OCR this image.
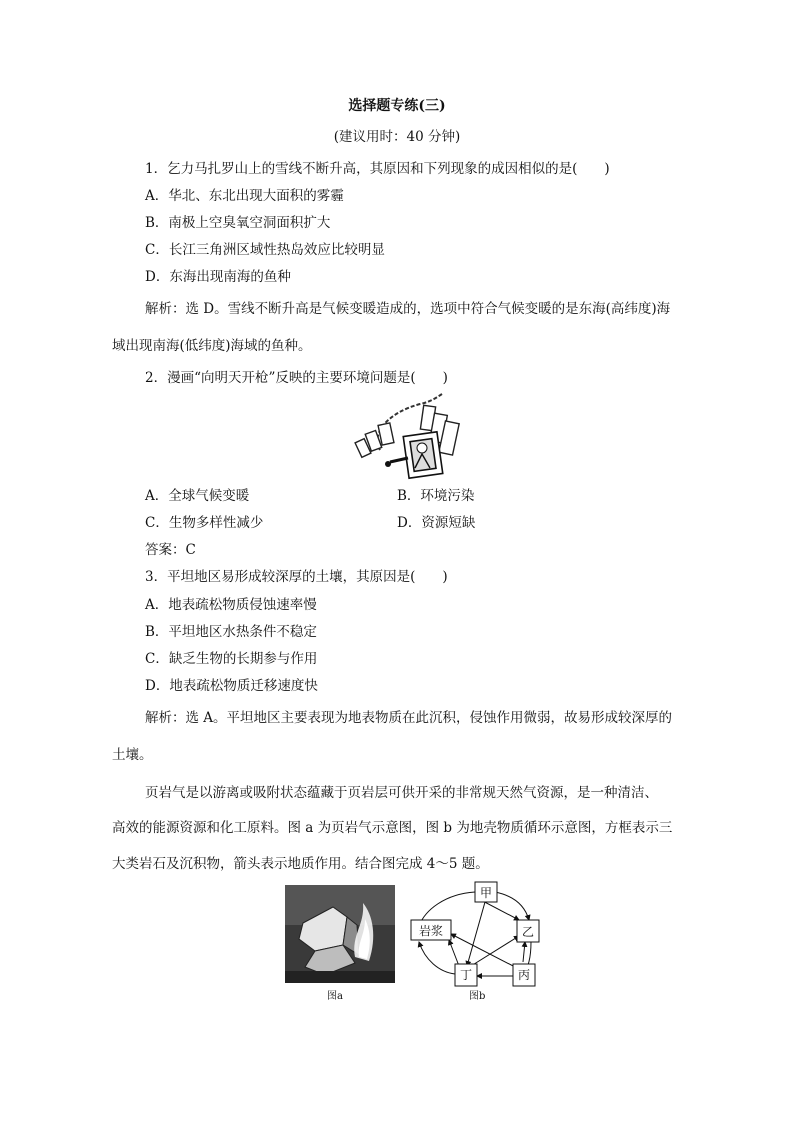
选择题专练(三)
(建议用时：40 分钟)
1．乞力马扎罗山上的雪线不断升高，其原因和下列现象的成因相似的是(　　)
A．华北、东北出现大面积的雾霾
B．南极上空臭氧空洞面积扩大
C．长江三角洲区域性热岛效应比较明显
D．东海出现南海的鱼种
解析：选 D。雪线不断升高是气候变暖造成的，选项中符合气候变暖的是东海(高纬度)海
域出现南海(低纬度)海域的鱼种。
2．漫画“向明天开枪”反映的主要环境问题是(　　)
A．全球气候变暖	B．环境污染
C．生物多样性减少	D．资源短缺
答案：C
3．平坦地区易形成较深厚的土壤，其原因是(　　)
A．地表疏松物质侵蚀速率慢
B．平坦地区水热条件不稳定
C．缺乏生物的长期参与作用
D．地表疏松物质迁移速度快
解析：选 A。平坦地区主要表现为地表物质在此沉积，侵蚀作用微弱，故易形成较深厚的
土壤。
页岩气是以游离或吸附状态蕴藏于页岩层可供开采的非常规天然气资源，是一种清洁、
高效的能源资源和化工原料。图 a 为页岩气示意图，图 b 为地壳物质循环示意图，方框表示三
大类岩石及沉积物，箭头表示地质作用。结合图完成 4～5 题。
图a
甲
岩浆	乙
丁	丙
图b
